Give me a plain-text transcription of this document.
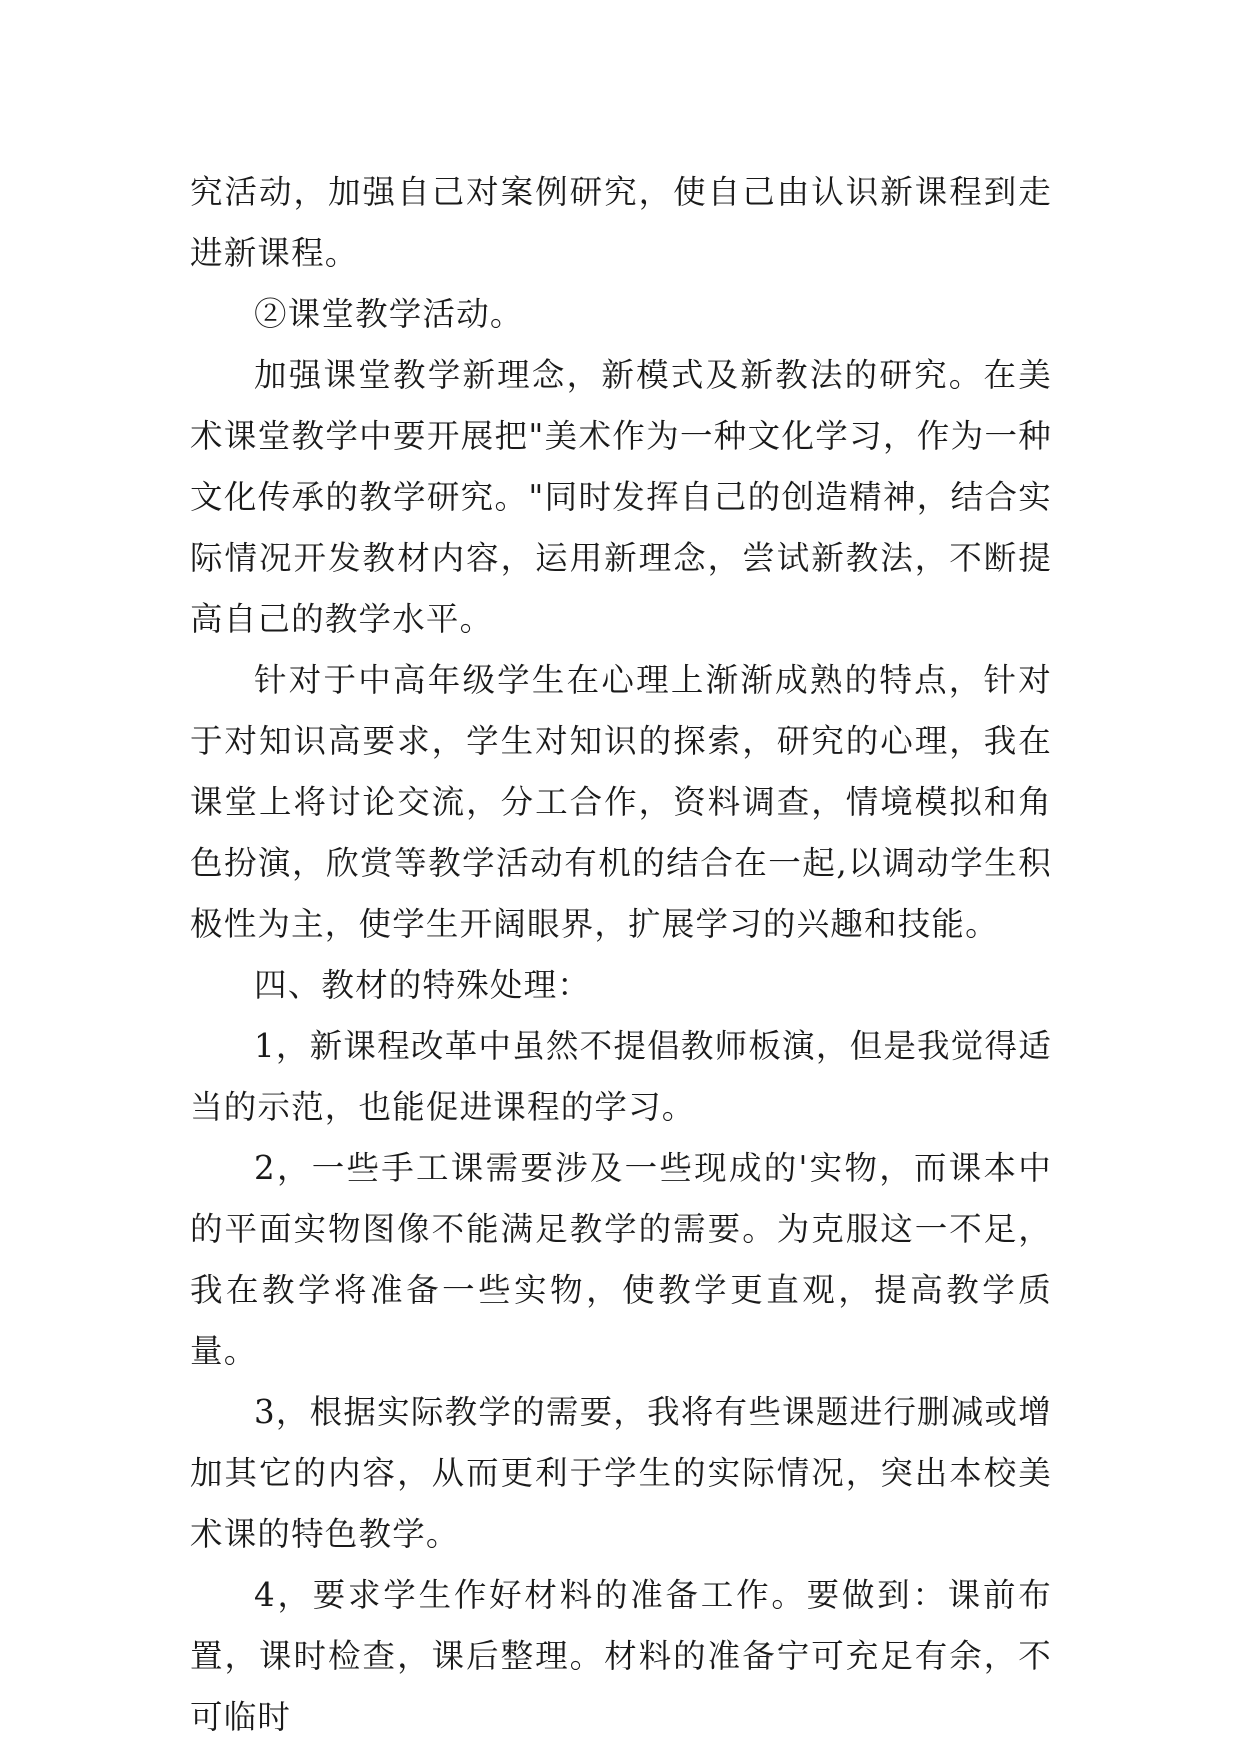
究活动，加强自己对案例研究，使自己由认识新课程到走进新课程。

②课堂教学活动。

加强课堂教学新理念，新模式及新教法的研究。在美术课堂教学中要开展把"美术作为一种文化学习，作为一种文化传承的教学研究。"同时发挥自己的创造精神，结合实际情况开发教材内容，运用新理念，尝试新教法，不断提高自己的教学水平。

针对于中高年级学生在心理上渐渐成熟的特点，针对于对知识高要求，学生对知识的探索，研究的心理，我在课堂上将讨论交流，分工合作，资料调查，情境模拟和角色扮演，欣赏等教学活动有机的结合在一起,以调动学生积极性为主，使学生开阔眼界，扩展学习的兴趣和技能。

四、教材的特殊处理：

1，新课程改革中虽然不提倡教师板演，但是我觉得适当的示范，也能促进课程的学习。

2，一些手工课需要涉及一些现成的'实物，而课本中的平面实物图像不能满足教学的需要。为克服这一不足，我在教学将准备一些实物，使教学更直观，提高教学质量。

3，根据实际教学的需要，我将有些课题进行删减或增加其它的内容，从而更利于学生的实际情况，突出本校美术课的特色教学。

4，要求学生作好材料的准备工作。要做到：课前布置，课时检查，课后整理。材料的准备宁可充足有余，不可临时
